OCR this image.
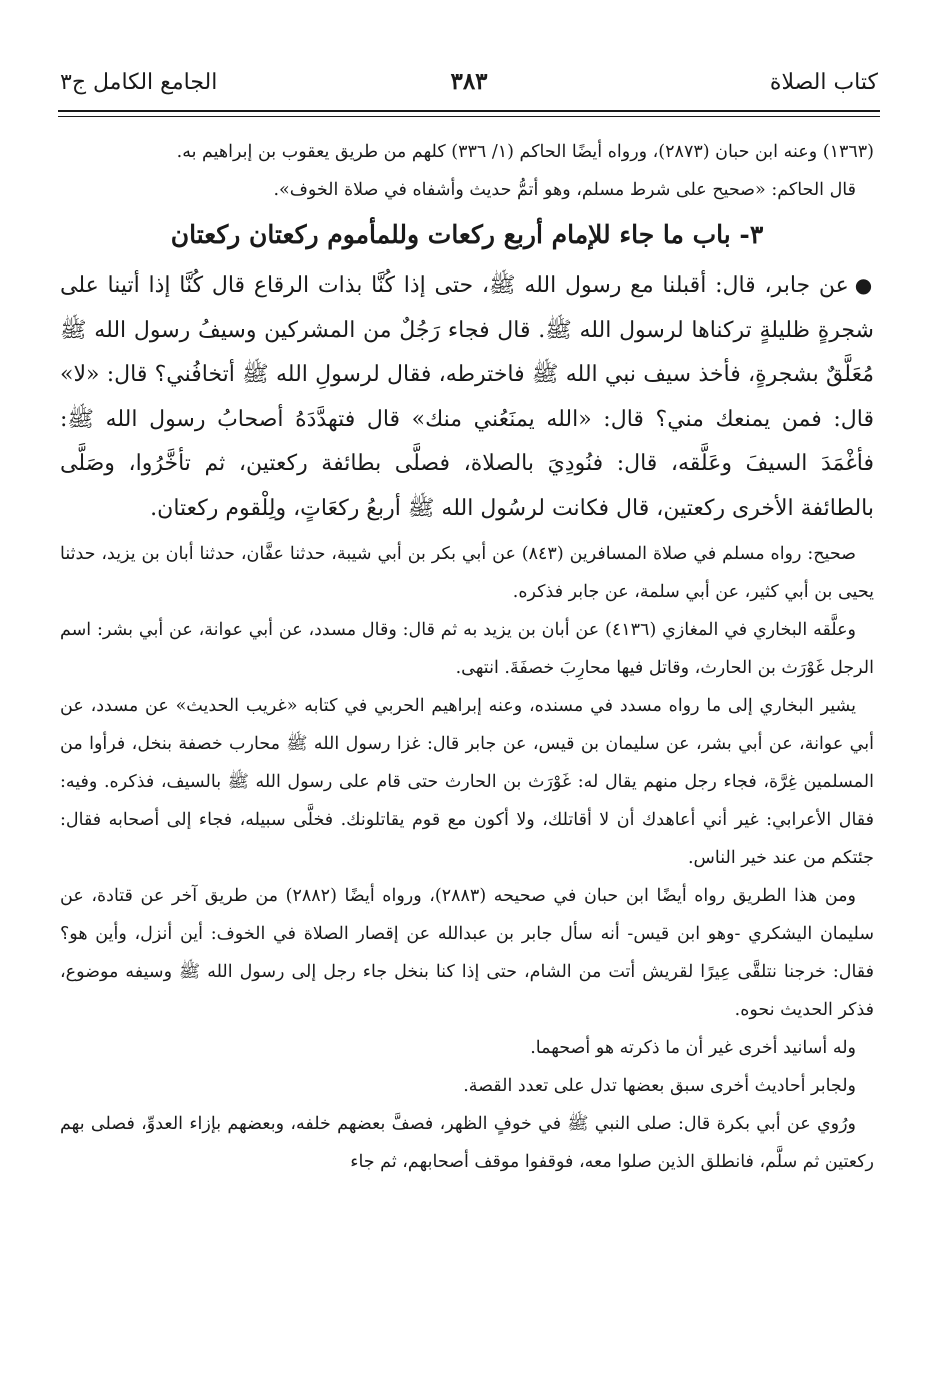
كتاب الصلاة
٣٨٣
الجامع الكامل ج٣

(١٣٦٣) وعنه ابن حبان (٢٨٧٣)، ورواه أيضًا الحاكم (١/ ٣٣٦) كلهم من طريق يعقوب بن إبراهيم به.

قال الحاكم: «صحيح على شرط مسلم، وهو أتمُّ حديث وأشفاه في صلاة الخوف».

٣- باب ما جاء للإمام أربع ركعات وللمأموم ركعتان ركعتان

●عن جابر، قال: أقبلنا مع رسول الله ﷺ، حتى إذا كُنَّا بذات الرقاع قال كُنَّا إذا أتينا على شجرةٍ ظليلةٍ تركناها لرسول الله ﷺ. قال فجاء رَجُلٌ من المشركين وسيفُ رسول الله ﷺ مُعَلَّقٌ بشجرةٍ، فأخذ سيف نبي الله ﷺ فاخترطه، فقال لرسولِ الله ﷺ أتخافُني؟ قال: «لا» قال: فمن يمنعك مني؟ قال: «الله يمنَعُني منك» قال فتهدَّدَهُ أصحابُ رسول الله ﷺ: فأغْمَدَ السيفَ وعَلَّقه، قال: فنُودِيَ بالصلاة، فصلَّى بطائفة ركعتين، ثم تأخَّرُوا، وصَلَّى بالطائفة الأخرى ركعتين، قال فكانت لرسُول الله ﷺ أربعُ ركعَاتٍ، ولِلْقوم ركعتان.

صحيح: رواه مسلم في صلاة المسافرين (٨٤٣) عن أبي بكر بن أبي شيبة، حدثنا عفَّان، حدثنا أبان بن يزيد، حدثنا يحيى بن أبي كثير، عن أبي سلمة، عن جابر فذكره.

وعلَّقه البخاري في المغازي (٤١٣٦) عن أبان بن يزيد به ثم قال: وقال مسدد، عن أبي عوانة، عن أبي بشر: اسم الرجل غَوْرَث بن الحارث، وقاتل فيها محارِبَ خصفَةَ. انتهى.

يشير البخاري إلى ما رواه مسدد في مسنده، وعنه إبراهيم الحربي في كتابه «غريب الحديث» عن مسدد، عن أبي عوانة، عن أبي بشر، عن سليمان بن قيس، عن جابر قال: غزا رسول الله ﷺ محارب خصفة بنخل، فرأوا من المسلمين غِرَّة، فجاء رجل منهم يقال له: غَوْرَث بن الحارث حتى قام على رسول الله ﷺ بالسيف، فذكره. وفيه: فقال الأعرابي: غير أني أعاهدك أن لا أقاتلك، ولا أكون مع قوم يقاتلونك. فخلَّى سبيله، فجاء إلى أصحابه فقال: جئتكم من عند خير الناس.

ومن هذا الطريق رواه أيضًا ابن حبان في صحيحه (٢٨٨٣)، ورواه أيضًا (٢٨٨٢) من طريق آخر عن قتادة، عن سليمان اليشكري -وهو ابن قيس- أنه سأل جابر بن عبدالله عن إقصار الصلاة في الخوف: أين أنزل، وأين هو؟ فقال: خرجنا نتلقَّى عِيرًا لقريش أتت من الشام، حتى إذا كنا بنخل جاء رجل إلى رسول الله ﷺ وسيفه موضوع، فذكر الحديث نحوه.

وله أسانيد أخرى غير أن ما ذكرته هو أصحهما.

ولجابر أحاديث أخرى سبق بعضها تدل على تعدد القصة.

ورُوي عن أبي بكرة قال: صلى النبي ﷺ في خوفٍ الظهر، فصفَّ بعضهم خلفه، وبعضهم بإزاء العدوِّ، فصلى بهم ركعتين ثم سلَّم، فانطلق الذين صلوا معه، فوقفوا موقف أصحابهم، ثم جاء
